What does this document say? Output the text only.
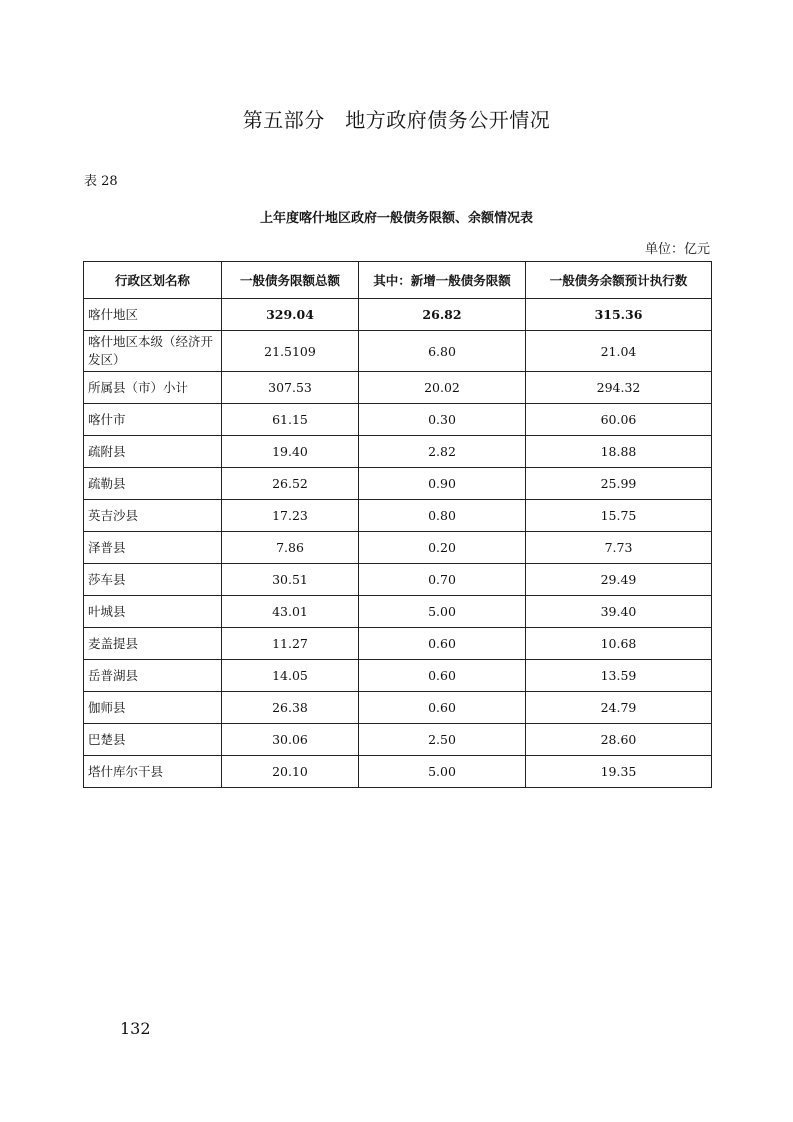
第五部分　地方政府债务公开情况
表 28
上年度喀什地区政府一般债务限额、余额情况表
单位：亿元
行政区划名称	一般债务限额总额	其中：新增一般债务限额	一般债务余额预计执行数
喀什地区	329.04	26.82	315.36
喀什地区本级（经济开发区）	21.5109	6.80	21.04
所属县（市）小计	307.53	20.02	294.32
喀什市	61.15	0.30	60.06
疏附县	19.40	2.82	18.88
疏勒县	26.52	0.90	25.99
英吉沙县	17.23	0.80	15.75
泽普县	7.86	0.20	7.73
莎车县	30.51	0.70	29.49
叶城县	43.01	5.00	39.40
麦盖提县	11.27	0.60	10.68
岳普湖县	14.05	0.60	13.59
伽师县	26.38	0.60	24.79
巴楚县	30.06	2.50	28.60
塔什库尔干县	20.10	5.00	19.35
132
